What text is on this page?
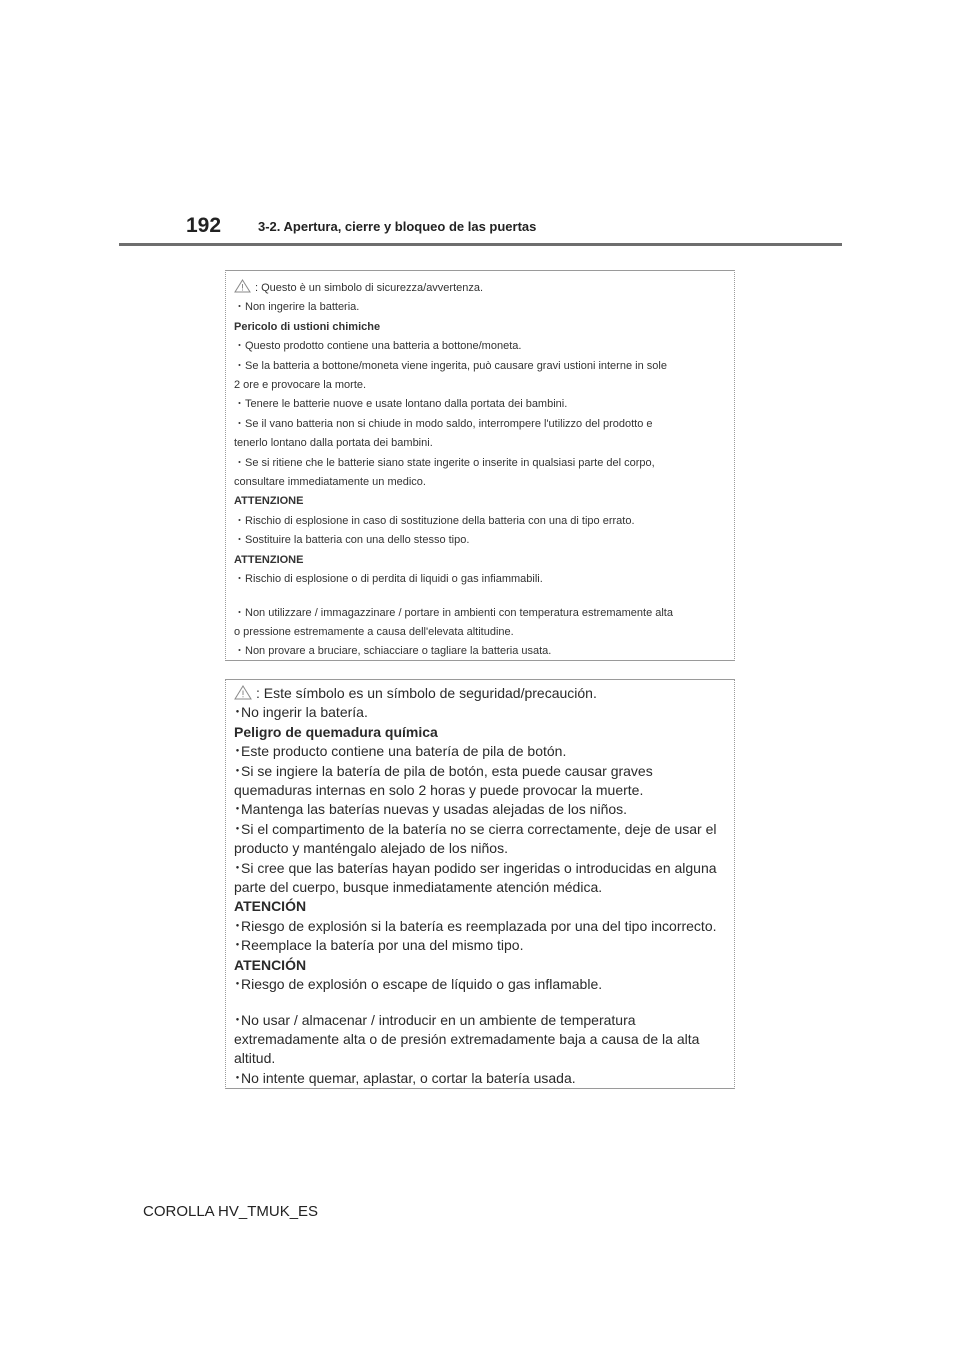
192	3-2. Apertura, cierre y bloqueo de las puertas
: Questo è un simbolo di sicurezza/avvertenza.
・Non ingerire la batteria.
Pericolo di ustioni chimiche
・Questo prodotto contiene una batteria a bottone/moneta.
・Se la batteria a bottone/moneta viene ingerita, può causare gravi ustioni interne in sole
2 ore e provocare la morte.
・Tenere le batterie nuove e usate lontano dalla portata dei bambini.
・Se il vano batteria non si chiude in modo saldo, interrompere l'utilizzo del prodotto e
tenerlo lontano dalla portata dei bambini.
・Se si ritiene che le batterie siano state ingerite o inserite in qualsiasi parte del corpo,
consultare immediatamente un medico.
ATTENZIONE
・Rischio di esplosione in caso di sostituzione della batteria con una di tipo errato.
・Sostituire la batteria con una dello stesso tipo.
ATTENZIONE
・Rischio di esplosione o di perdita di liquidi o gas infiammabili.
・Non utilizzare / immagazzinare / portare in ambienti con temperatura estremamente alta
o pressione estremamente a causa dell'elevata altitudine.
・Non provare a bruciare, schiacciare o tagliare la batteria usata.
: Este símbolo es un símbolo de seguridad/precaución.
･No ingerir la batería.
Peligro de quemadura química
･Este producto contiene una batería de pila de botón.
･Si se ingiere la batería de pila de botón, esta puede causar graves
quemaduras internas en solo 2 horas y puede provocar la muerte.
･Mantenga las baterías nuevas y usadas alejadas de los niños.
･Si el compartimento de la batería no se cierra correctamente, deje de usar el
producto y manténgalo alejado de los niños.
･Si cree que las baterías hayan podido ser ingeridas o introducidas en alguna
parte del cuerpo, busque inmediatamente atención médica.
ATENCIÓN
･Riesgo de explosión si la batería es reemplazada por una del tipo incorrecto.
･Reemplace la batería por una del mismo tipo.
ATENCIÓN
･Riesgo de explosión o escape de líquido o gas inflamable.
･No usar / almacenar / introducir en un ambiente de temperatura
extremadamente alta o de presión extremadamente baja a causa de la alta
altitud.
･No intente quemar, aplastar, o cortar la batería usada.
COROLLA HV_TMUK_ES
